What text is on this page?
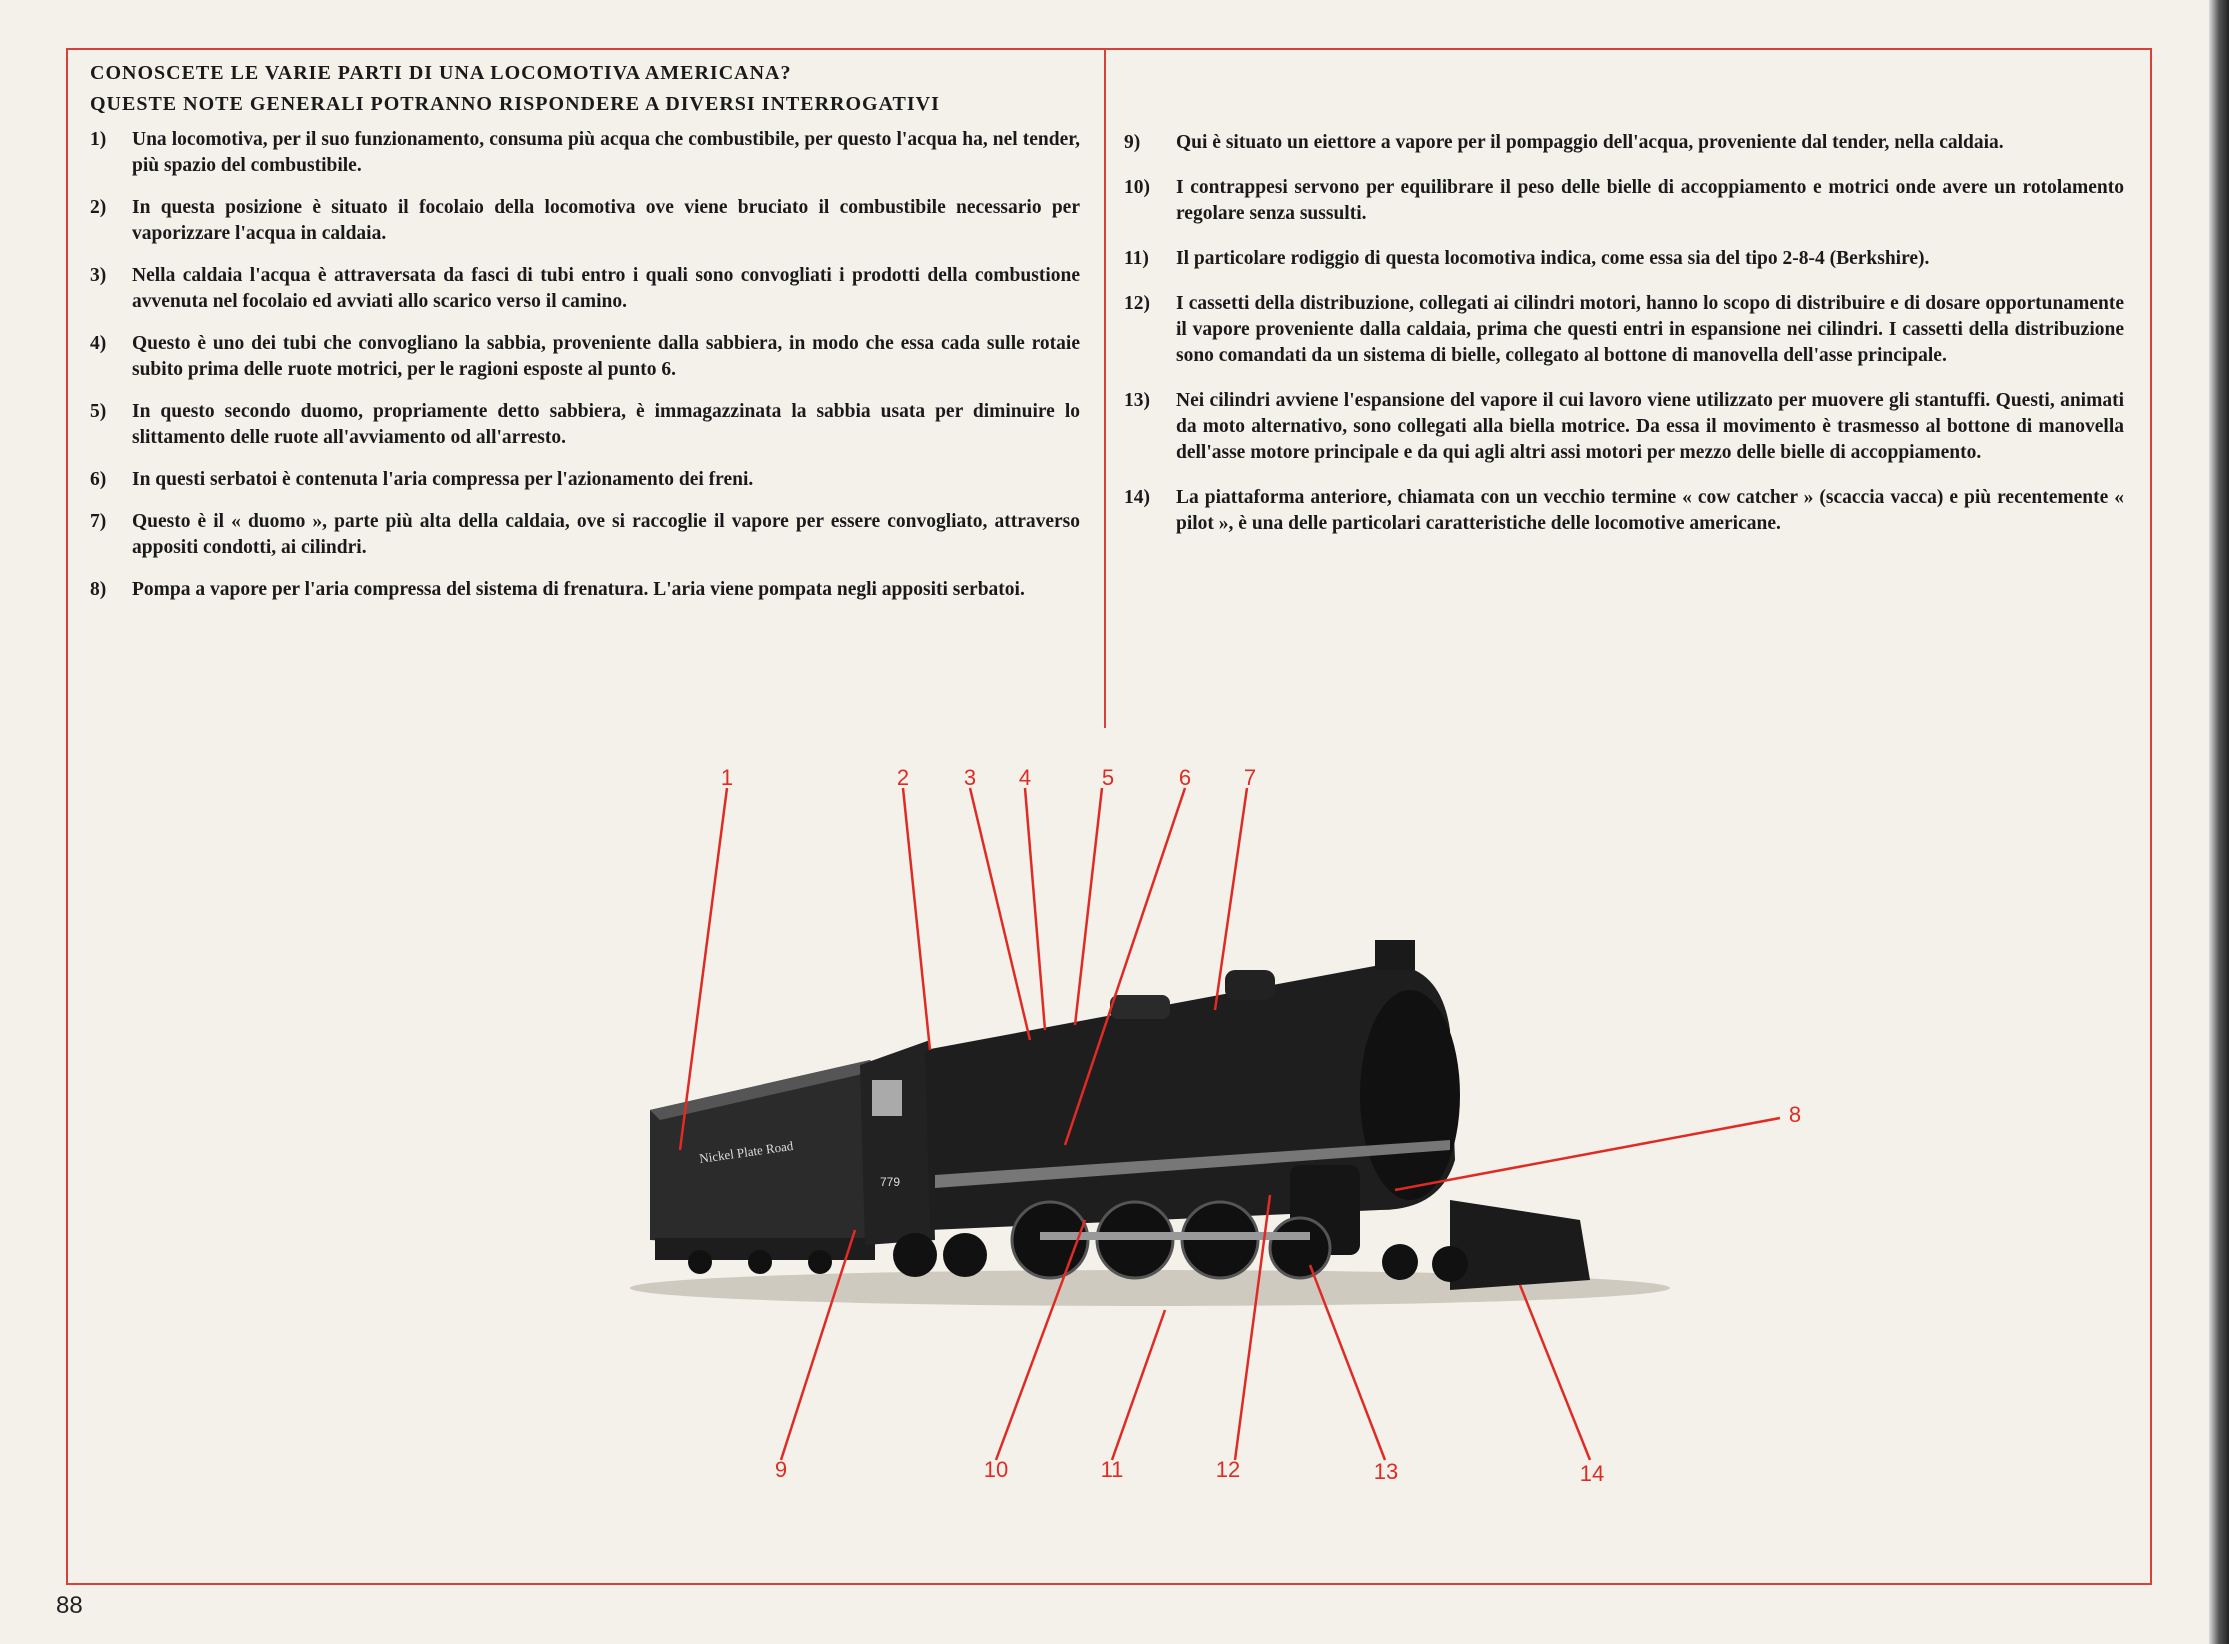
CONOSCETE LE VARIE PARTI DI UNA LOCOMOTIVA AMERICANA?
QUESTE NOTE GENERALI POTRANNO RISPONDERE A DIVERSI INTERROGATIVI
1)	Una locomotiva, per il suo funzionamento, consuma più acqua che combustibile, per questo l'acqua ha, nel tender, più spazio del combustibile.
2)	In questa posizione è situato il focolaio della locomotiva ove viene bruciato il combustibile necessario per vaporizzare l'acqua in caldaia.
3)	Nella caldaia l'acqua è attraversata da fasci di tubi entro i quali sono convogliati i prodotti della combustione avvenuta nel focolaio ed avviati allo scarico verso il camino.
4)	Questo è uno dei tubi che convogliano la sabbia, proveniente dalla sabbiera, in modo che essa cada sulle rotaie subito prima delle ruote motrici, per le ragioni esposte al punto 6.
5)	In questo secondo duomo, propriamente detto sabbiera, è immagazzinata la sabbia usata per diminuire lo slittamento delle ruote all'avviamento od all'arresto.
6)	In questi serbatoi è contenuta l'aria compressa per l'azionamento dei freni.
7)	Questo è il « duomo », parte più alta della caldaia, ove si raccoglie il vapore per essere convogliato, attraverso appositi condotti, ai cilindri.
8)	Pompa a vapore per l'aria compressa del sistema di frenatura. L'aria viene pompata negli appositi serbatoi.
9)	Qui è situato un eiettore a vapore per il pompaggio dell'acqua, proveniente dal tender, nella caldaia.
10)	I contrappesi servono per equilibrare il peso delle bielle di accoppiamento e motrici onde avere un rotolamento regolare senza sussulti.
11)	Il particolare rodiggio di questa locomotiva indica, come essa sia del tipo 2-8-4 (Berkshire).
12)	I cassetti della distribuzione, collegati ai cilindri motori, hanno lo scopo di distribuire e di dosare opportunamente il vapore proveniente dalla caldaia, prima che questi entri in espansione nei cilindri. I cassetti della distribuzione sono comandati da un sistema di bielle, collegato al bottone di manovella dell'asse principale.
13)	Nei cilindri avviene l'espansione del vapore il cui lavoro viene utilizzato per muovere gli stantuffi. Questi, animati da moto alternativo, sono collegati alla biella motrice. Da essa il movimento è trasmesso al bottone di manovella dell'asse motore principale e da qui agli altri assi motori per mezzo delle bielle di accoppiamento.
14)	La piattaforma anteriore, chiamata con un vecchio termine « cow catcher » (scaccia vacca) e più recentemente « pilot », è una delle particolari caratteristiche delle locomotive americane.
Nickel Plate Road
779
1	2 3 4	5	6 7
8
9	10	11	12	13	14
88
